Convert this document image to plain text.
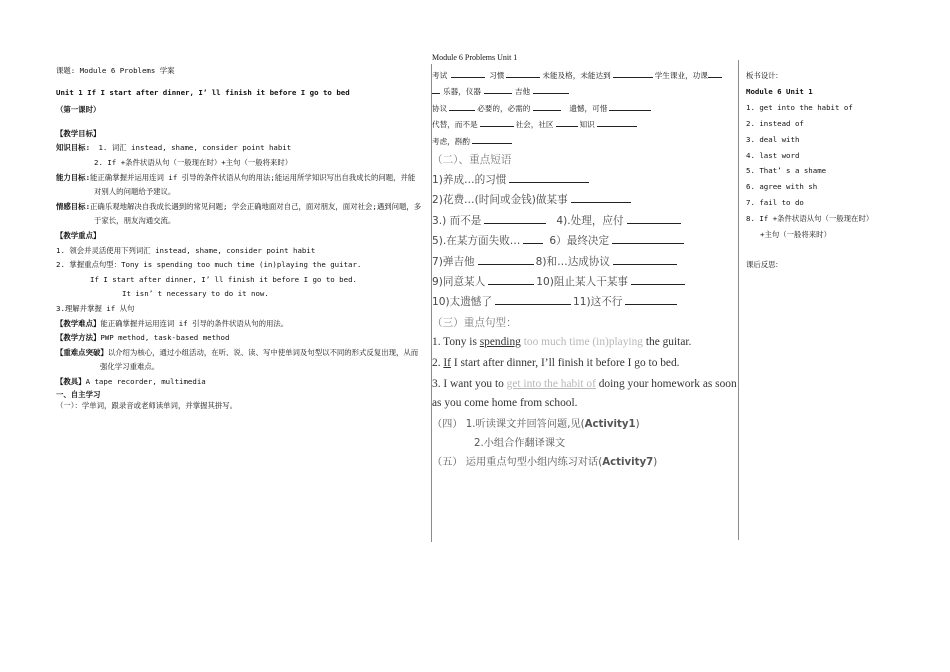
课题: Module 6 Problems 学案
Unit 1 If I start after dinner, I’ ll finish it before I go to bed
（第一课时）
【教学目标】
知识目标: 1. 词汇 instead, shame, consider point habit
2. If +条件状语从句（一般现在时）+主句（一般将来时）
能力目标:能正确掌握并运用连词 if 引导的条件状语从句的用法;能运用所学知识写出自我成长的问题，并能对别人的问题给予建议。
情感目标:正确乐观地解决自我成长遇到的常见问题; 学会正确地面对自己，面对朋友，面对社会;遇到问题，多于家长，朋友沟通交流。
【教学重点】
1. 领会并灵活使用下列词汇 instead, shame, consider point habit
2. 掌握重点句型：Tony is spending too much time (in)playing the guitar.
If I start after dinner, I’ ll finish it before I go to bed.
It isn’ t necessary to do it now.
3.理解并掌握 if 从句
【教学难点】能正确掌握并运用连词 if 引导的条件状语从句的用法。
【教学方法】PWP method, task-based method
【重难点突破】以介绍为核心，通过小组活动，在听、说、读、写中使单词及句型以不同的形式反复出现，从而强化学习重难点。
【教具】A tape recorder, multimedia
一、自主学习
（一）：学单词，跟录音或老师读单词，并掌握其拼写。
Module 6 Problems Unit 1
考试	习惯	未能及格，未能达到	学生课业，功课
乐器，仪器	吉他
协议	必要的，必需的	遗憾，可惜
代替，而不是	社会，社区	知识
考虑，斟酌
（二）、重点短语
1)养成…的习惯
2)花费…(时间或金钱)做某事
3.) 而不是	4).处理，应付
5).在某方面失败…	6）最终决定
7)弹吉他	8)和…达成协议
9)同意某人	10)阻止某人干某事
10)太遗憾了	11)这不行
（三）重点句型：
1. Tony is spending too much time (in)playing the guitar.
2. If I start after dinner, I’ll finish it before I go to bed.
3. I want you to get into the habit of doing your homework as soon as you come home from school.
（四） 1.听读课文并回答问题,见(Activity1)
2.小组合作翻译课文
（五） 运用重点句型小组内练习对话(Activity7)
板书设计:
Module 6 Unit 1
1. get into the habit of
2. instead of
3. deal with
4. last word
5. That’ s a shame
6. agree with sh
7. fail to do
8. If +条件状语从句（一般现在时）+主句（一般将来时）
课后反思:
